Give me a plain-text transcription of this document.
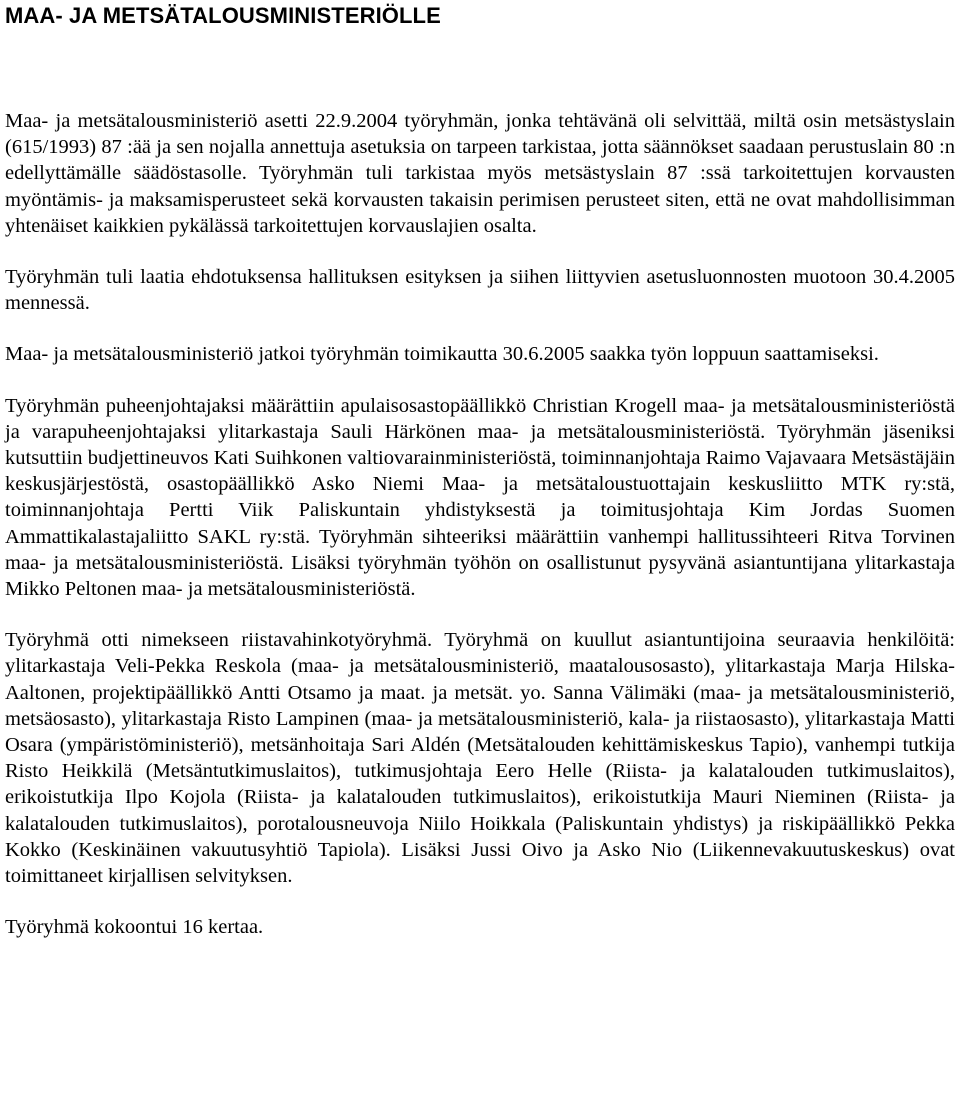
MAA- JA METSÄTALOUSMINISTERIÖLLE

Maa- ja metsätalousministeriö asetti 22.9.2004 työryhmän, jonka tehtävänä oli selvittää, miltä osin metsästyslain (615/1993) 87 :ää ja sen nojalla annettuja asetuksia on tarpeen tarkistaa, jotta säännökset saadaan perustuslain 80 :n edellyttämälle säädöstasolle. Työryhmän tuli tarkistaa myös metsästyslain 87 :ssä tarkoitettujen korvausten myöntämis- ja maksamisperusteet sekä korvausten takaisin perimisen perusteet siten, että ne ovat mahdollisimman yhtenäiset kaikkien pykälässä tarkoitettujen korvauslajien osalta.

Työryhmän tuli laatia ehdotuksensa hallituksen esityksen ja siihen liittyvien asetusluonnosten muotoon 30.4.2005 mennessä.

Maa- ja metsätalousministeriö jatkoi työryhmän toimikautta 30.6.2005 saakka työn loppuun saattamiseksi.

Työryhmän puheenjohtajaksi määrättiin apulaisosastopäällikkö Christian Krogell maa- ja metsätalousministeriöstä ja varapuheenjohtajaksi ylitarkastaja Sauli Härkönen maa- ja metsätalousministeriöstä. Työryhmän jäseniksi kutsuttiin budjettineuvos Kati Suihkonen valtiovarainministeriöstä, toiminnanjohtaja Raimo Vajavaara Metsästäjäin keskusjärjestöstä, osastopäällikkö Asko Niemi Maa- ja metsätaloustuottajain keskusliitto MTK ry:stä, toiminnanjohtaja Pertti Viik Paliskuntain yhdistyksestä ja toimitusjohtaja Kim Jordas Suomen Ammattikalastajaliitto SAKL ry:stä. Työryhmän sihteeriksi määrättiin vanhempi hallitussihteeri Ritva Torvinen maa- ja metsätalousministeriöstä. Lisäksi työryhmän työhön on osallistunut pysyvänä asiantuntijana ylitarkastaja Mikko Peltonen maa- ja metsätalousministeriöstä.

Työryhmä otti nimekseen riistavahinkotyöryhmä. Työryhmä on kuullut asiantuntijoina seuraavia henkilöitä: ylitarkastaja Veli-Pekka Reskola (maa- ja metsätalousministeriö, maatalousosasto), ylitarkastaja Marja Hilska-Aaltonen, projektipäällikkö Antti Otsamo ja maat. ja metsät. yo. Sanna Välimäki (maa- ja metsätalousministeriö, metsäosasto), ylitarkastaja Risto Lampinen (maa- ja metsätalousministeriö, kala- ja riistaosasto), ylitarkastaja Matti Osara (ympäristöministeriö), metsänhoitaja Sari Aldén (Metsätalouden kehittämiskeskus Tapio), vanhempi tutkija Risto Heikkilä (Metsäntutkimuslaitos), tutkimusjohtaja Eero Helle (Riista- ja kalatalouden tutkimuslaitos), erikoistutkija Ilpo Kojola (Riista- ja kalatalouden tutkimuslaitos), erikoistutkija Mauri Nieminen (Riista- ja kalatalouden tutkimuslaitos), porotalousneuvoja Niilo Hoikkala (Paliskuntain yhdistys) ja riskipäällikkö Pekka Kokko (Keskinäinen vakuutusyhtiö Tapiola). Lisäksi Jussi Oivo ja Asko Nio (Liikennevakuutuskeskus) ovat toimittaneet kirjallisen selvityksen.

Työryhmä kokoontui 16 kertaa.
